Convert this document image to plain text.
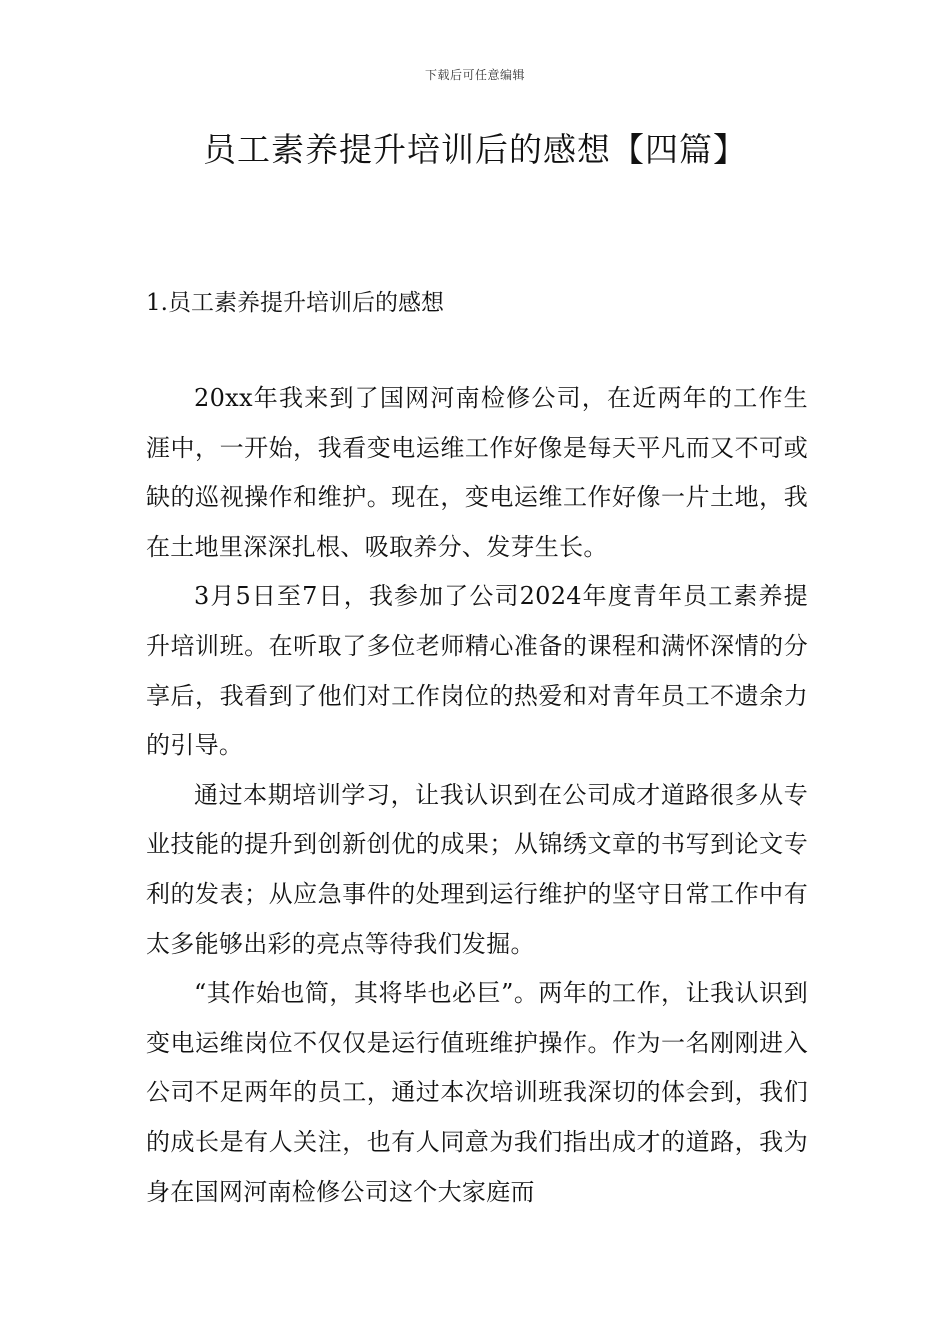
下载后可任意编辑
员工素养提升培训后的感想【四篇】
1.员工素养提升培训后的感想

20xx年我来到了国网河南检修公司，在近两年的工作生涯中，一开始，我看变电运维工作好像是每天平凡而又不可或缺的巡视操作和维护。现在，变电运维工作好像一片土地，我在土地里深深扎根、吸取养分、发芽生长。

3月5日至7日，我参加了公司2024年度青年员工素养提升培训班。在听取了多位老师精心准备的课程和满怀深情的分享后，我看到了他们对工作岗位的热爱和对青年员工不遗余力的引导。

通过本期培训学习，让我认识到在公司成才道路很多从专业技能的提升到创新创优的成果；从锦绣文章的书写到论文专利的发表；从应急事件的处理到运行维护的坚守日常工作中有太多能够出彩的亮点等待我们发掘。

“其作始也简，其将毕也必巨”。两年的工作，让我认识到变电运维岗位不仅仅是运行值班维护操作。作为一名刚刚进入公司不足两年的员工，通过本次培训班我深切的体会到，我们的成长是有人关注，也有人同意为我们指出成才的道路，我为身在国网河南检修公司这个大家庭而
